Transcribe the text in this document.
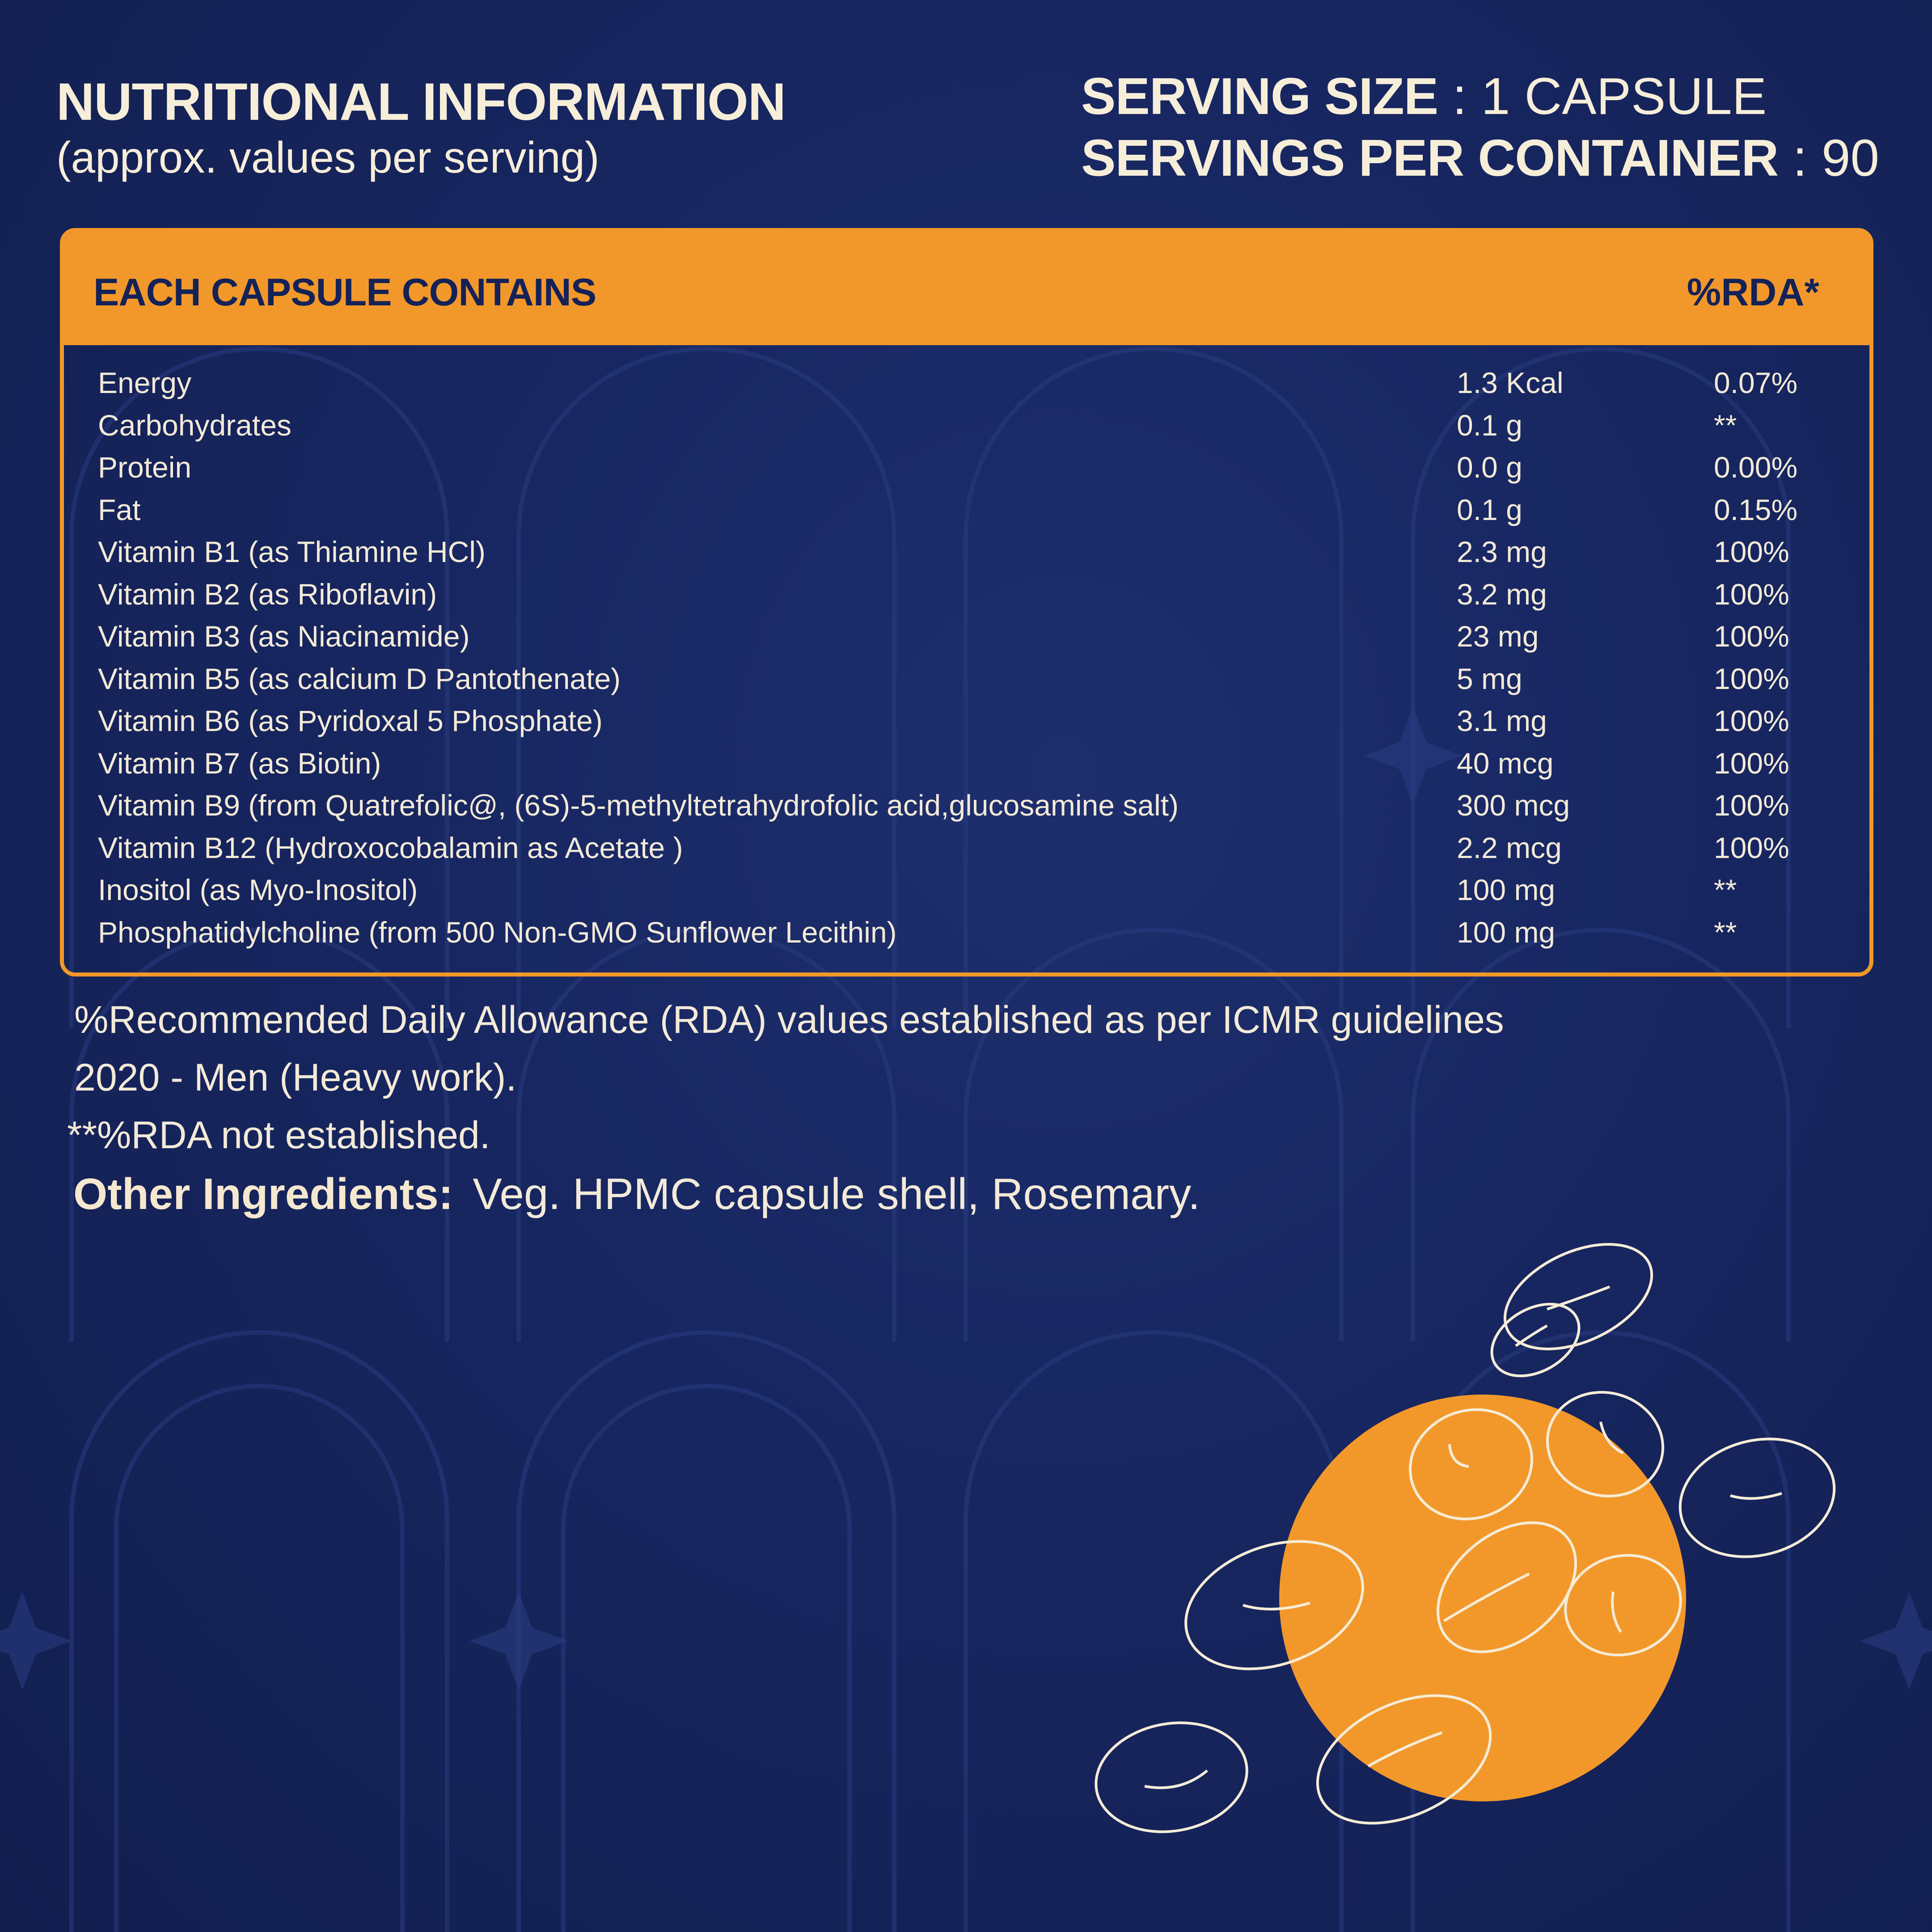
NUTRITIONAL INFORMATION
(approx. values per serving)
SERVING SIZE : 1 CAPSULE
SERVINGS PER CONTAINER : 90
EACH CAPSULE CONTAINS	%RDA*
Energy	1.3 Kcal	0.07%
Carbohydrates	0.1 g	**
Protein	0.0 g	0.00%
Fat	0.1 g	0.15%
Vitamin B1 (as Thiamine HCl)	2.3 mg	100%
Vitamin B2 (as Riboflavin)	3.2 mg	100%
Vitamin B3 (as Niacinamide)	23 mg	100%
Vitamin B5 (as calcium D Pantothenate)	5 mg	100%
Vitamin B6 (as Pyridoxal 5 Phosphate)	3.1 mg	100%
Vitamin B7 (as Biotin)	40 mcg	100%
Vitamin B9 (from Quatrefolic@, (6S)-5-methyltetrahydrofolic acid,glucosamine salt)	300 mcg	100%
Vitamin B12 (Hydroxocobalamin as Acetate )	2.2 mcg	100%
Inositol (as Myo-Inositol)	100 mg	**
Phosphatidylcholine (from 500 Non-GMO Sunflower Lecithin)	100 mg	**
%Recommended Daily Allowance (RDA) values established as per ICMR guidelines
2020 - Men (Heavy work).
**%RDA not established.
Other Ingredients: Veg. HPMC capsule shell, Rosemary.
